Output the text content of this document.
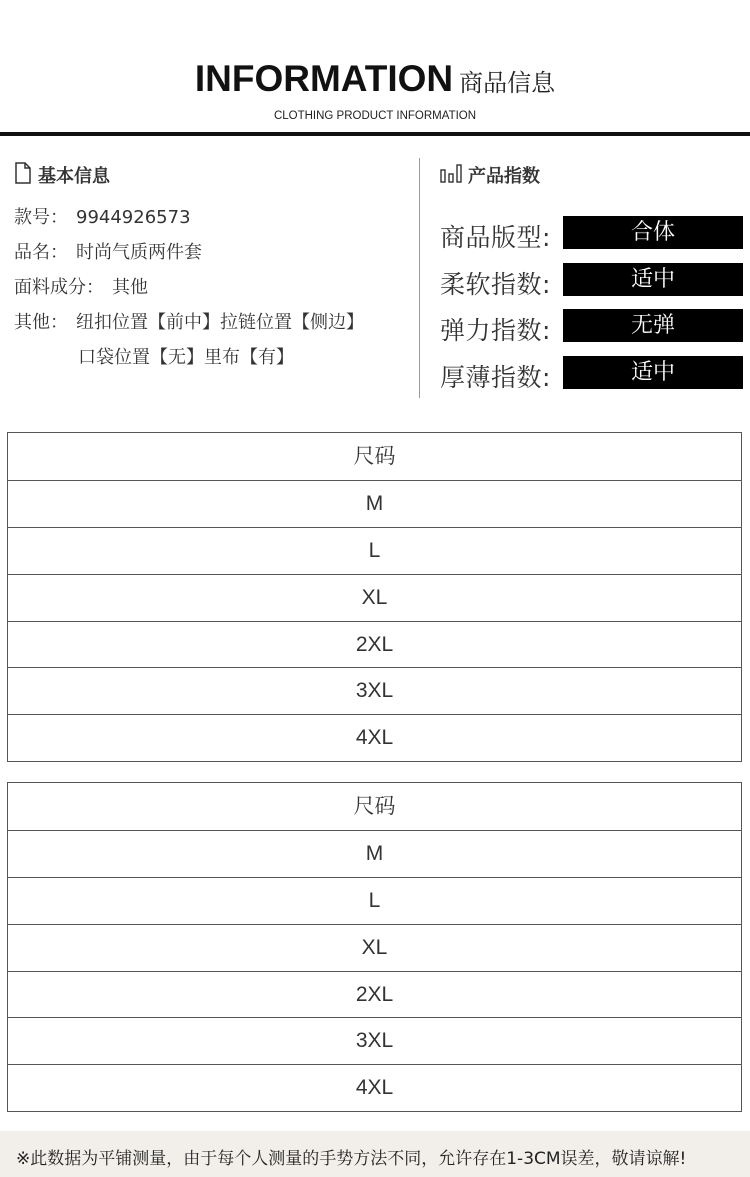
INFORMATION 商品信息
CLOTHING PRODUCT INFORMATION
基本信息
款号： 9944926573
品名： 时尚气质两件套
面料成分： 其他
其他： 纽扣位置【前中】拉链位置【侧边】
口袋位置【无】里布【有】
产品指数
商品版型:	合体
柔软指数:	适中
弹力指数:	无弹
厚薄指数:	适中
尺码
M
L
XL
2XL
3XL
4XL
尺码
M
L
XL
2XL
3XL
4XL
※此数据为平铺测量，由于每个人测量的手势方法不同，允许存在1-3CM误差，敬请谅解!
